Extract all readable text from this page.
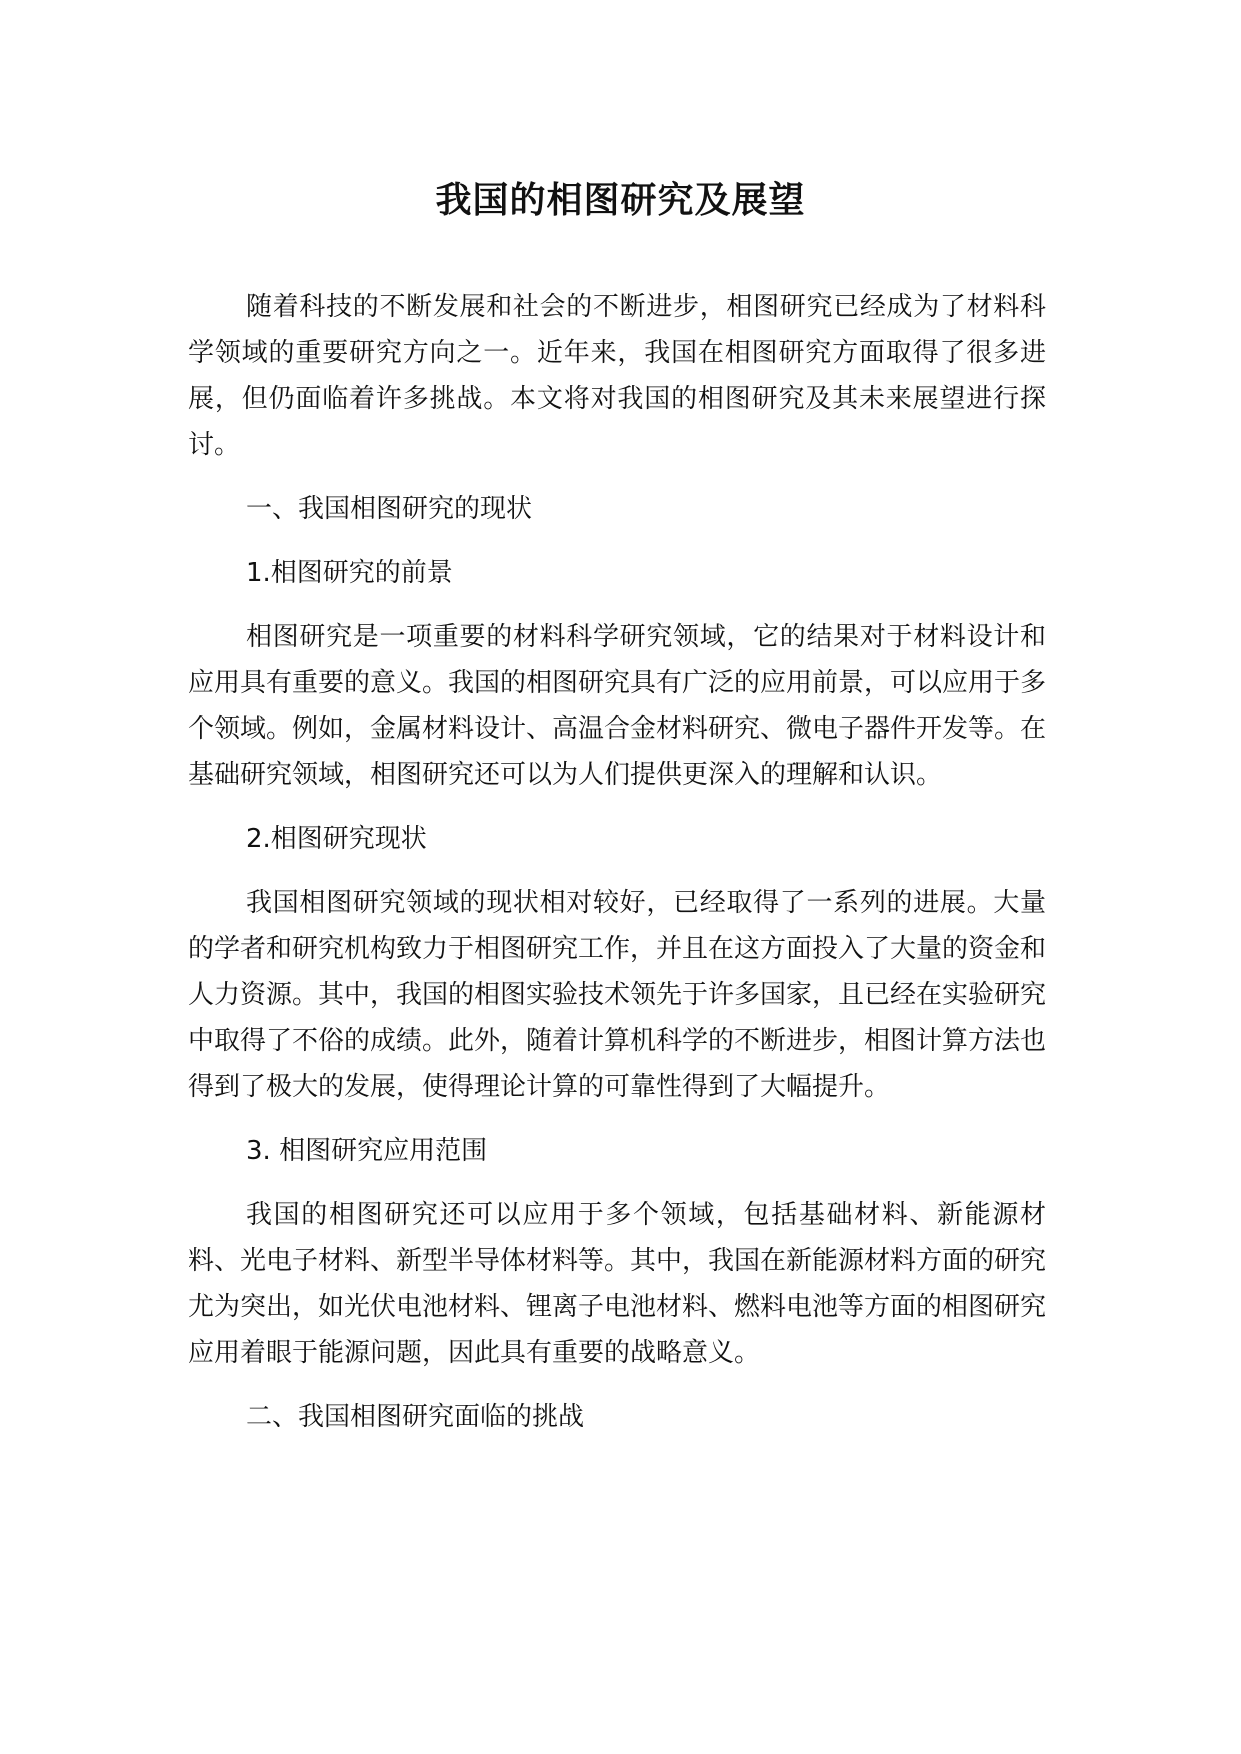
我国的相图研究及展望

随着科技的不断发展和社会的不断进步，相图研究已经成为了材料科学领域的重要研究方向之一。近年来，我国在相图研究方面取得了很多进展，但仍面临着许多挑战。本文将对我国的相图研究及其未来展望进行探讨。

一、我国相图研究的现状

1.相图研究的前景

相图研究是一项重要的材料科学研究领域，它的结果对于材料设计和应用具有重要的意义。我国的相图研究具有广泛的应用前景，可以应用于多个领域。例如，金属材料设计、高温合金材料研究、微电子器件开发等。在基础研究领域，相图研究还可以为人们提供更深入的理解和认识。

2.相图研究现状

我国相图研究领域的现状相对较好，已经取得了一系列的进展。大量的学者和研究机构致力于相图研究工作，并且在这方面投入了大量的资金和人力资源。其中，我国的相图实验技术领先于许多国家，且已经在实验研究中取得了不俗的成绩。此外，随着计算机科学的不断进步，相图计算方法也得到了极大的发展，使得理论计算的可靠性得到了大幅提升。

3. 相图研究应用范围

我国的相图研究还可以应用于多个领域，包括基础材料、新能源材料、光电子材料、新型半导体材料等。其中，我国在新能源材料方面的研究尤为突出，如光伏电池材料、锂离子电池材料、燃料电池等方面的相图研究应用着眼于能源问题，因此具有重要的战略意义。

二、我国相图研究面临的挑战
